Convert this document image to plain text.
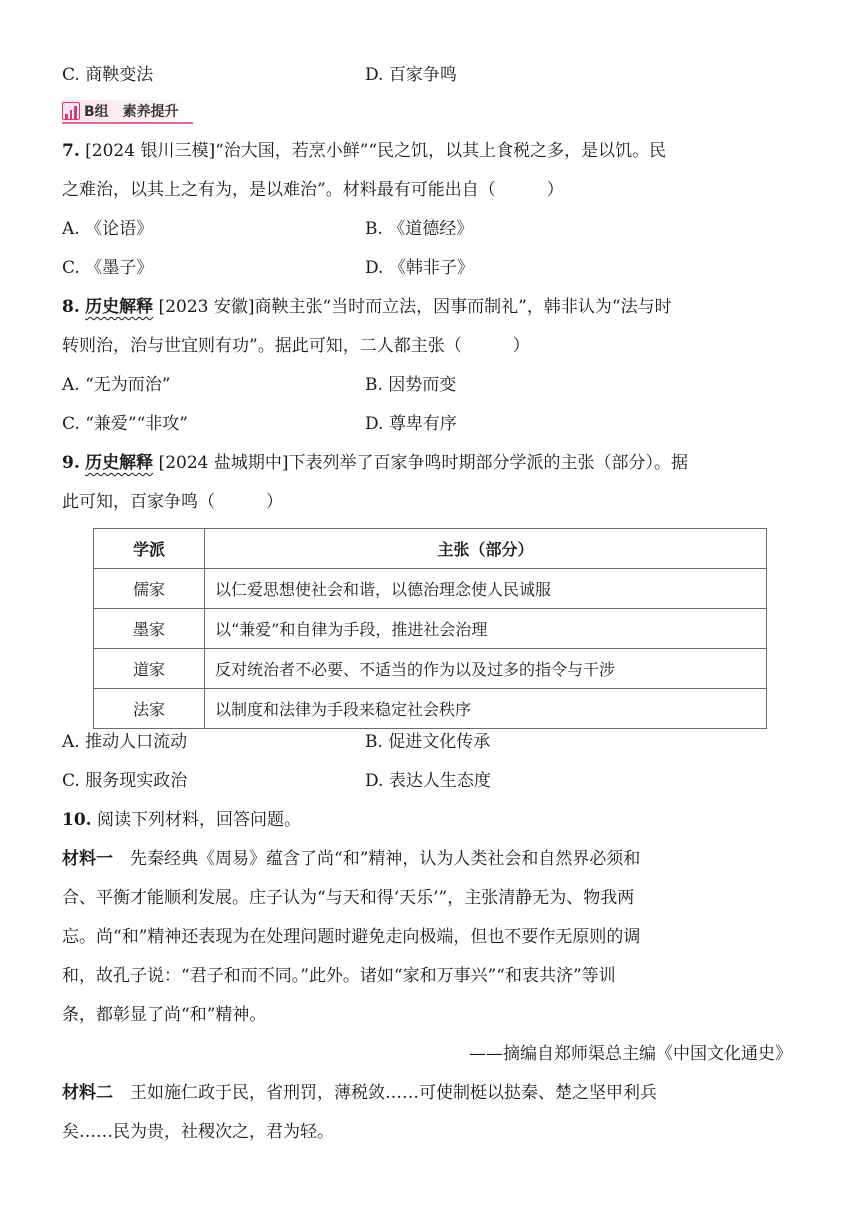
C. 商鞅变法	D. 百家争鸣
B组　素养提升
7. [2024 银川三模]“治大国，若烹小鲜”“民之饥，以其上食税之多，是以饥。民
之难治，以其上之有为，是以难治”。材料最有可能出自（　　　）
A. 《论语》	B. 《道德经》
C. 《墨子》	D. 《韩非子》
8. 历史解释 [2023 安徽]商鞅主张“当时而立法，因事而制礼”，韩非认为“法与时
转则治，治与世宜则有功”。据此可知，二人都主张（　　　）
A. “无为而治”	B. 因势而变
C. “兼爱”“非攻”	D. 尊卑有序
9. 历史解释 [2024 盐城期中]下表列举了百家争鸣时期部分学派的主张（部分）。据
此可知，百家争鸣（　　　）
学派	主张（部分）
儒家	以仁爱思想使社会和谐，以德治理念使人民诚服
墨家	以“兼爱”和自律为手段，推进社会治理
道家	反对统治者不必要、不适当的作为以及过多的指令与干涉
法家	以制度和法律为手段来稳定社会秩序
A. 推动人口流动	B. 促进文化传承
C. 服务现实政治	D. 表达人生态度
10. 阅读下列材料，回答问题。
材料一　先秦经典《周易》蕴含了尚“和”精神，认为人类社会和自然界必须和
合、平衡才能顺利发展。庄子认为“与天和得‘天乐’”，主张清静无为、物我两
忘。尚“和”精神还表现为在处理问题时避免走向极端，但也不要作无原则的调
和，故孔子说：“君子和而不同。”此外。诸如“家和万事兴”“和衷共济”等训
条，都彰显了尚“和”精神。
——摘编自郑师渠总主编《中国文化通史》
材料二　王如施仁政于民，省刑罚，薄税敛……可使制梃以挞秦、楚之坚甲利兵
矣……民为贵，社稷次之，君为轻。
